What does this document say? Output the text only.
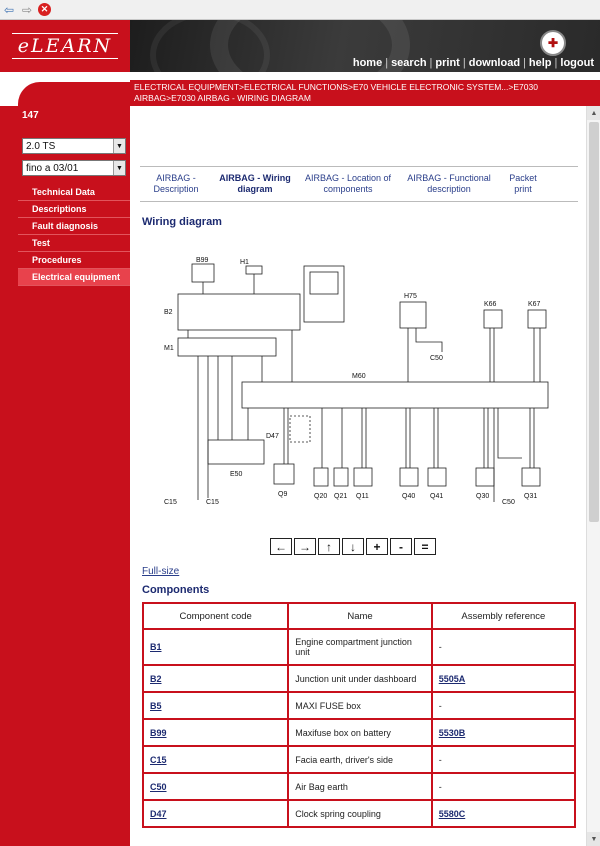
⇦ ⇨ ✕
eLEARN	✚
home | search | print | download | help | logout
147
2.0 TS	▼
fino a 03/01	▼
Technical Data
Descriptions
Fault diagnosis
Test
Procedures
Electrical equipment
ELECTRICAL EQUIPMENT>ELECTRICAL FUNCTIONS>E70 VEHICLE ELECTRONIC SYSTEM...>E7030 AIRBAG>E7030 AIRBAG - WIRING DIAGRAM
AIRBAG -
Description
AIRBAG - Wiring
diagram
AIRBAG - Location of
components
AIRBAG - Functional
description
Packet
print
Wiring diagram
B99	H1
B2
M1
H75
K66	K67
C50
M60
D47
E50
C15	C15
Q9	Q20 Q21 Q11	Q40 Q41	Q30	Q31
C50
←	→	↑	↓	+	-	=
Full-size
Components
Component code	Name	Assembly reference
B1	Engine compartment junction unit	-
B2	Junction unit under dashboard	5505A
B5	MAXI FUSE box	-
B99	Maxifuse box on battery	5530B
C15	Facia earth, driver's side	-
C50	Air Bag earth	-
D47	Clock spring coupling	5580C
▲
▼
